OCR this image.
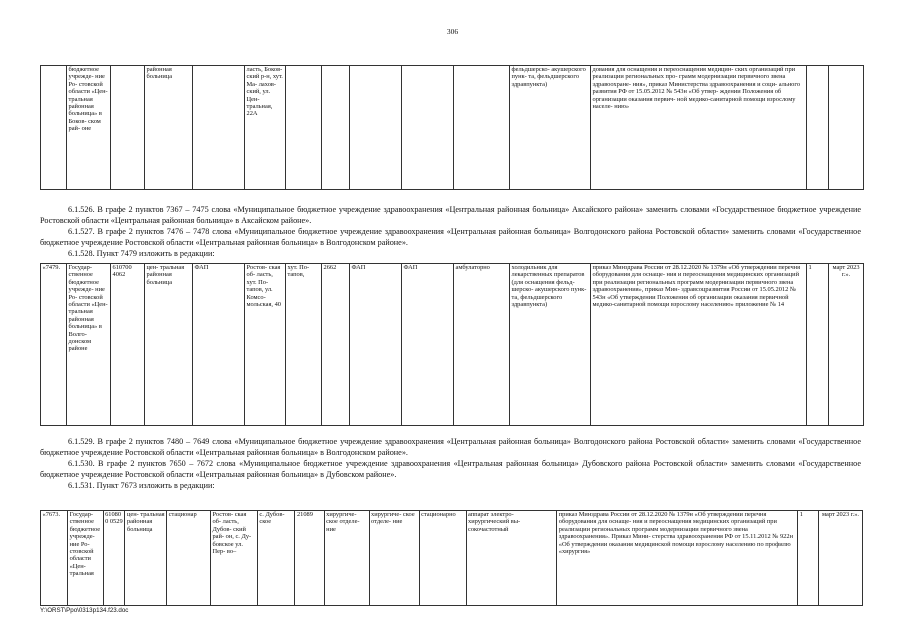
306
	бюджетное учрежде- ние Ро- стовской области «Цен- тральная районная больница» в Боков- ском рай- оне		районная больница		ласть, Боков- ский р-н, хут. Ма- лахов- ский, ул. Цен- тральная, 22А						фельдшерско- акушерского пунк- та, фельдшерского здравпункта)	дования для оснащения и переоснащения медицин- ских организаций при реализации региональных про- грамм модернизации первичного звена здравоохране- ния», приказ Министерства здравоохранения и соци- ального развития РФ от 15.05.2012 № 543н «Об утвер- ждении Положения об организации оказания первич- ной медико-санитарной помощи взрослому населе- нию»		
6.1.526. В графе 2 пунктов 7367 – 7475 слова «Муниципальное бюджетное учреждение здравоохранения «Центральная районная больница» Аксайского района» заменить словами «Государственное бюджетное учреждение Ростовской области «Центральная районная больница» в Аксайском районе».
6.1.527. В графе 2 пунктов 7476 – 7478 слова «Муниципальное бюджетное учреждение здравоохранения «Центральная районная больница» Волгодонского района Ростовской области» заменить словами «Государственное бюджетное учреждение Ростовской области «Центральная районная больница» в Волгодонском районе».
6.1.528. Пункт 7479 изложить в редакции:
«7479.	Государ- ственное бюджетное учрежде- ние Ро- стовской области «Цен- тральная районная больница» в Волго- донском районе	610700 4062	цен- тральная районная больница	ФАП	Ростов- ская об- ласть, хут. По- тапов, ул. Комсо- мольская, 40	хут. По- тапов,	2662	ФАП	ФАП	амбулаторно	холодильник для лекарственных препаратов (для оснащения фельд- шерско- акушерского пунк- та, фельдшерского здравпункта)	приказ Минздрава России от 28.12.2020 № 1379н «Об утверждении перечня оборудования для оснаще- ния и переоснащения медицинских организаций при реализации региональных программ модернизации первичного звена здравоохранения», приказ Мин- здравсоцразвития России от 15.05.2012 № 543н «Об утверждении Положения об организации оказания первичной медико-санитарной помощи взрослому населению» приложение № 14	1	март 2023 г.».
6.1.529. В графе 2 пунктов 7480 – 7649 слова «Муниципальное бюджетное учреждение здравоохранения «Центральная районная больница» Волгодонского района Ростовской области» заменить словами «Государственное бюджетное учреждение Ростовской области «Центральная районная больница» в Волгодонском районе».
6.1.530. В графе 2 пунктов 7650 – 7672 слова «Муниципальное бюджетное учреждение здравоохранения «Центральная районная больница» Дубовского района Ростовской области» заменить словами «Государственное бюджетное учреждение Ростовской области «Центральная районная больница» в Дубовском районе».
6.1.531. Пункт 7673 изложить в редакции:
«7673.	Государ- ственное бюджетное учрежде- ние Ро- стовской области «Цен- тральная	610800 0529	цен- тральная районная больница	стационар	Ростов- ская об- ласть, Дубов- ский рай- он, с. Ду- бовское ул. Пер- во–	с. Дубов- ское	21089	хирургиче- ское отделе- ние	хирургиче- ское отделе- ние	стационарно	аппарат электро- хирургический вы- сокочастотный	приказ Минздрава России от 28.12.2020 № 1379н «Об утверждении перечня оборудования для оснаще- ния и переоснащения медицинских организаций при реализации региональных программ модернизации первичного звена здравоохранения». Приказ Мини- стерства здравоохранения РФ от 15.11.2012 № 922н «Об утверждении оказания медицинской помощи взрослому населению по профилю «хирургия»	1	март 2023 г.».
Y:\ORST\Ppo\0313p134.f23.doc
